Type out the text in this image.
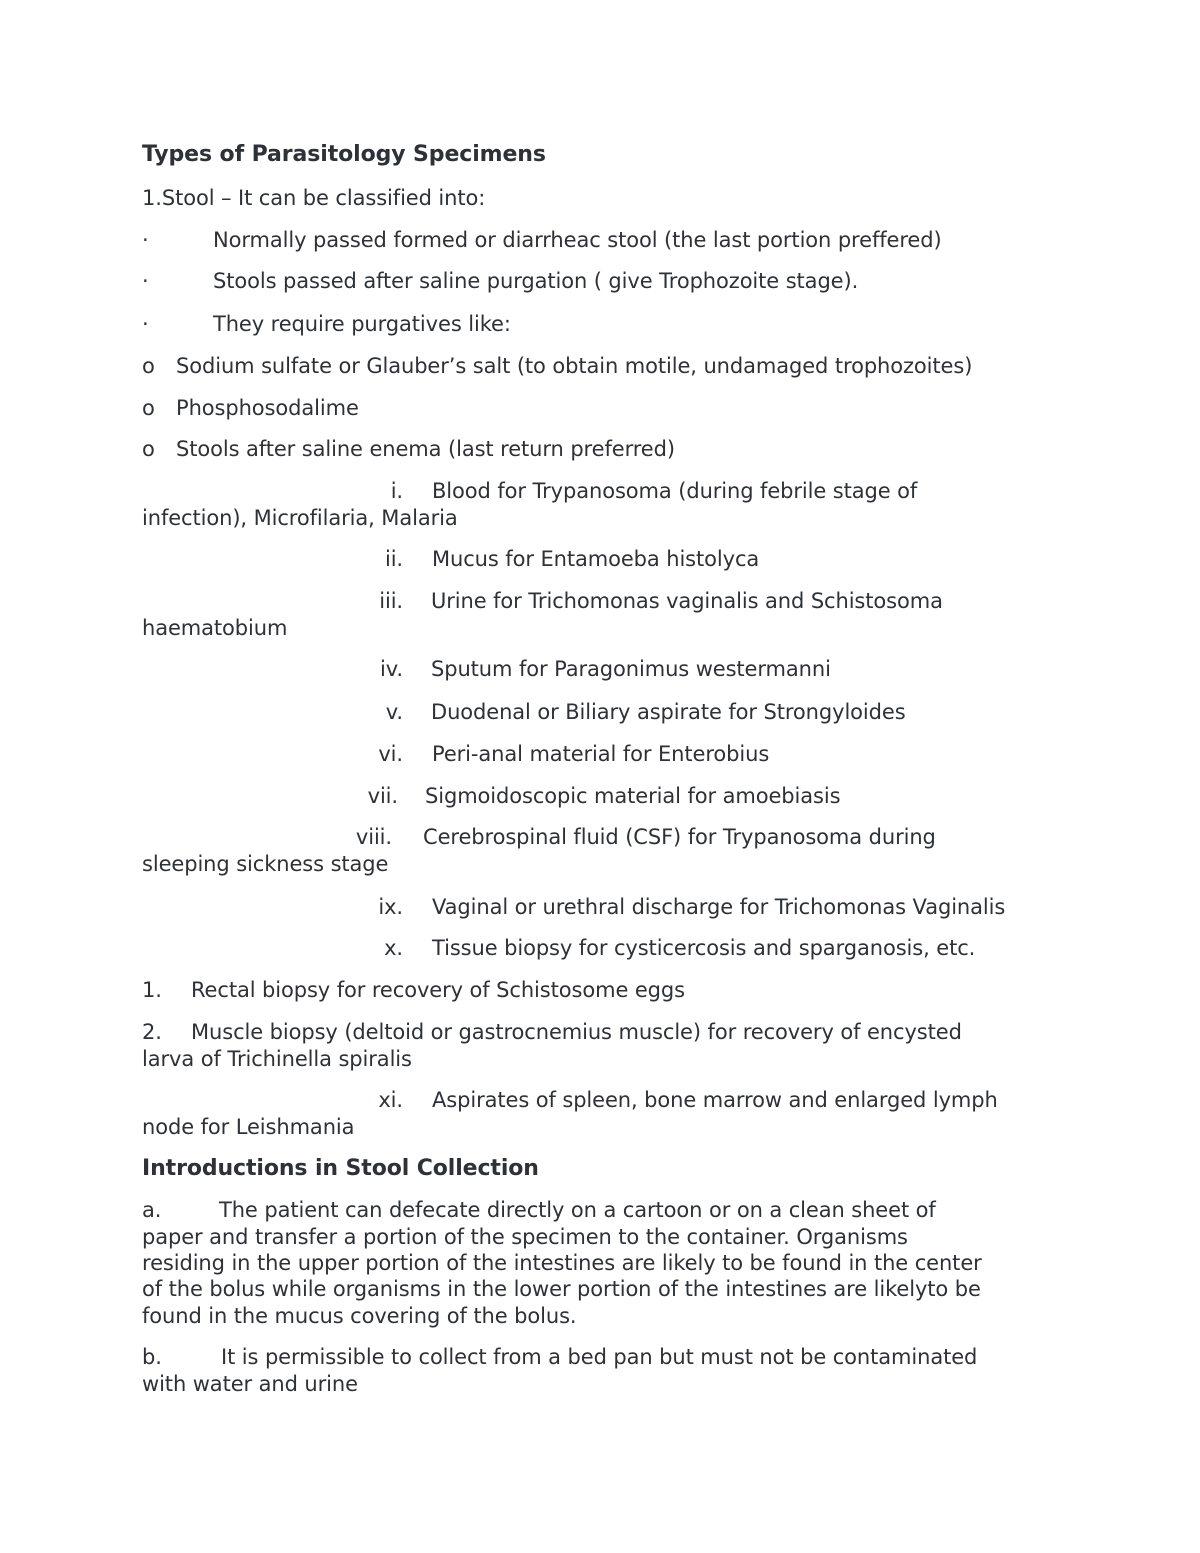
Types of Parasitology Specimens
1.Stool – It can be classified into:
·	Normally passed formed or diarrheac stool (the last portion preffered)
·	Stools passed after saline purgation ( give Trophozoite stage).
·	They require purgatives like:
o Sodium sulfate or Glauber’s salt (to obtain motile, undamaged trophozoites)
o Phosphosodalime
o Stools after saline enema (last return preferred)
i. Blood for Trypanosoma (during febrile stage of
infection), Microfilaria, Malaria
ii. Mucus for Entamoeba histolyca
iii. Urine for Trichomonas vaginalis and Schistosoma
haematobium
iv. Sputum for Paragonimus westermanni
v. Duodenal or Biliary aspirate for Strongyloides
vi. Peri-anal material for Enterobius
vii. Sigmoidoscopic material for amoebiasis
viii. Cerebrospinal fluid (CSF) for Trypanosoma during
sleeping sickness stage
ix. Vaginal or urethral discharge for Trichomonas Vaginalis
x. Tissue biopsy for cysticercosis and sparganosis, etc.
1. Rectal biopsy for recovery of Schistosome eggs
2. Muscle biopsy (deltoid or gastrocnemius muscle) for recovery of encysted
larva of Trichinella spiralis
xi. Aspirates of spleen, bone marrow and enlarged lymph
node for Leishmania
Introductions in Stool Collection
a.	The patient can defecate directly on a cartoon or on a clean sheet of
paper and transfer a portion of the specimen to the container. Organisms
residing in the upper portion of the intestines are likely to be found in the center
of the bolus while organisms in the lower portion of the intestines are likelyto be
found in the mucus covering of the bolus.
b.	It is permissible to collect from a bed pan but must not be contaminated
with water and urine
